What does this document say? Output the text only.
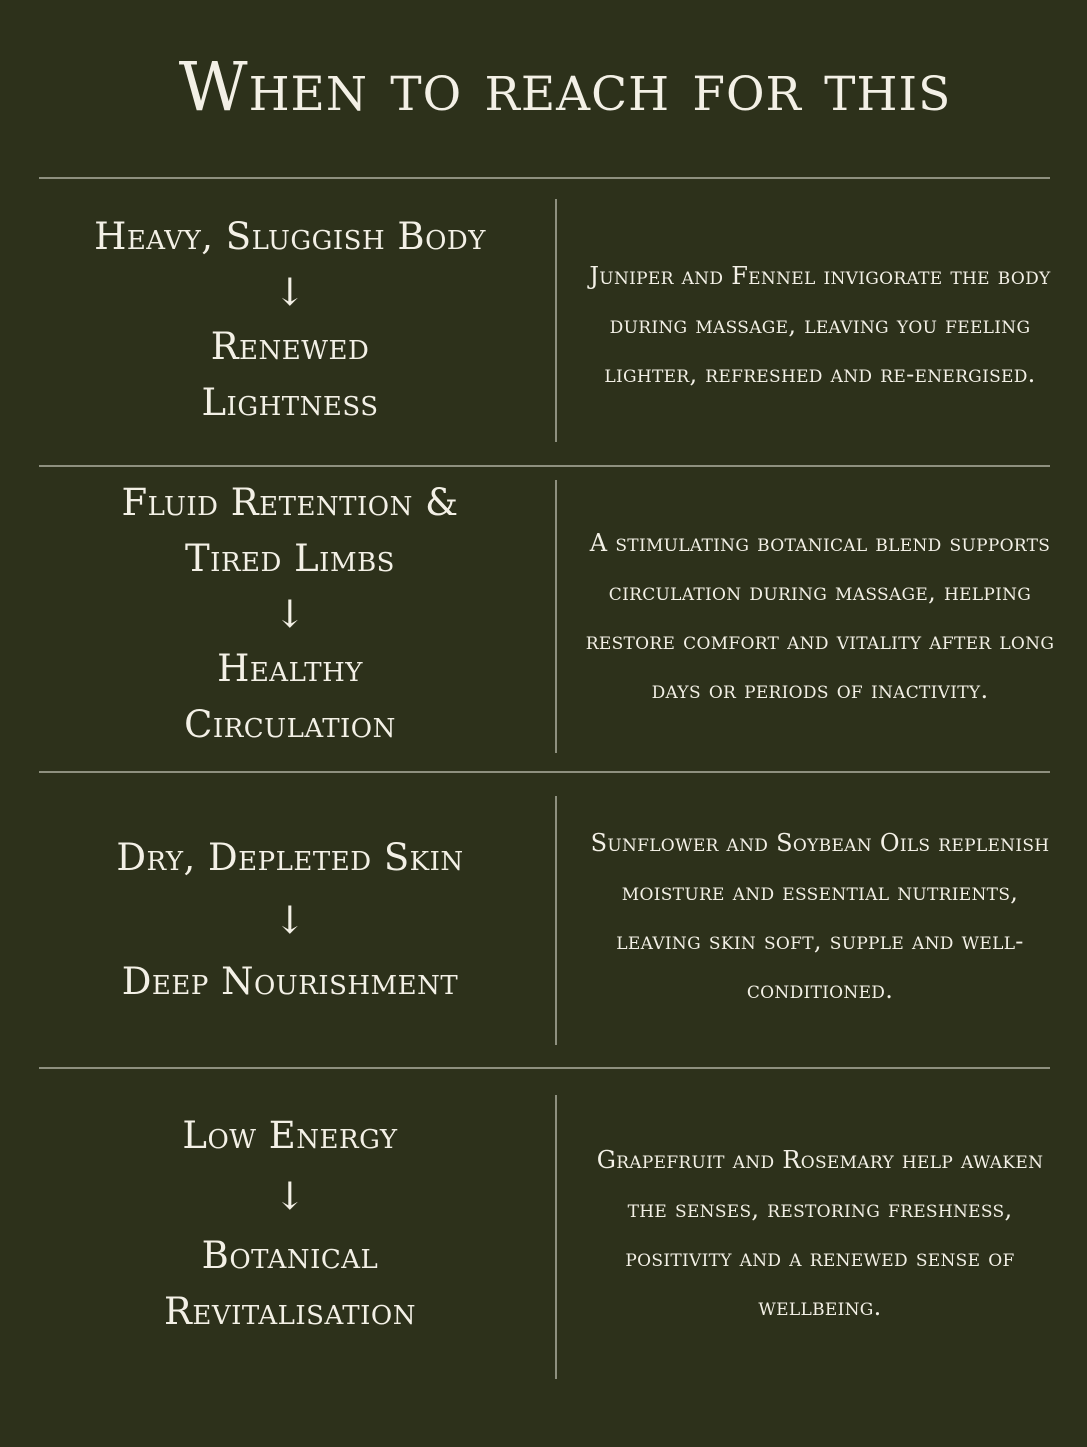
When to reach for this
Heavy, Sluggish Body
↓
Renewed
Lightness

Juniper and Fennel invigorate the body during massage, leaving you feeling lighter, refreshed and re-energised.

Fluid Retention &
Tired Limbs
↓
Healthy
Circulation

A stimulating botanical blend supports circulation during massage, helping restore comfort and vitality after long days or periods of inactivity.

Dry, Depleted Skin
↓
Deep Nourishment

Sunflower and Soybean Oils replenish moisture and essential nutrients, leaving skin soft, supple and well-conditioned.

Low Energy
↓
Botanical
Revitalisation

Grapefruit and Rosemary help awaken the senses, restoring freshness, positivity and a renewed sense of wellbeing.
